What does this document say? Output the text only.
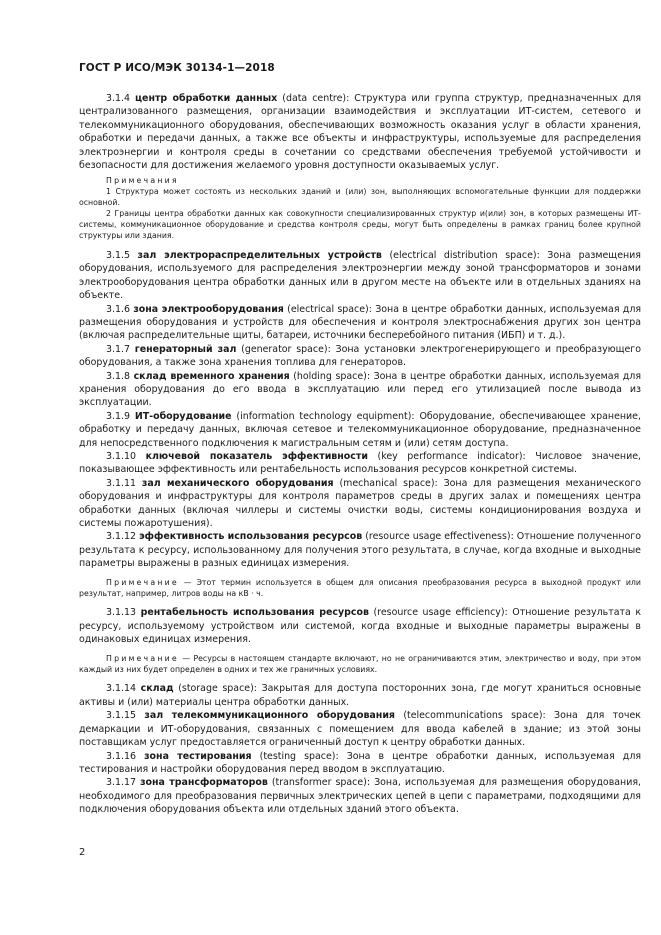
ГОСТ Р ИСО/МЭК 30134-1—2018

3.1.4 центр обработки данных (data centre): Структура или группа структур, предназначенных для централизованного размещения, организации взаимодействия и эксплуатации ИТ-систем, сетевого и телекоммуникационного оборудования, обеспечивающих возможность оказания услуг в области хранения, обработки и передачи данных, а также все объекты и инфраструктуры, используемые для распределения электроэнергии и контроля среды в сочетании со средствами обеспечения требуемой устойчивости и безопасности для достижения желаемого уровня доступности оказываемых услуг.

Примечания

1 Структура может состоять из нескольких зданий и (или) зон, выполняющих вспомогательные функции для поддержки основной.

2 Границы центра обработки данных как совокупности специализированных структур и(или) зон, в которых размещены ИТ-системы, коммуникационное оборудование и средства контроля среды, могут быть определены в рамках границ более крупной структуры или здания.

3.1.5 зал электрораспределительных устройств (electrical distribution space): Зона размещения оборудования, используемого для распределения электроэнергии между зоной трансформаторов и зонами электрооборудования центра обработки данных или в другом месте на объекте или в отдельных зданиях на объекте.

3.1.6 зона электрооборудования (electrical space): Зона в центре обработки данных, используемая для размещения оборудования и устройств для обеспечения и контроля электроснабжения других зон центра (включая распределительные щиты, батареи, источники бесперебойного питания (ИБП) и т. д.).

3.1.7 генераторный зал (generator space): Зона установки электрогенерирующего и преобразующего оборудования, а также зона хранения топлива для генераторов.

3.1.8 склад временного хранения (holding space): Зона в центре обработки данных, используемая для хранения оборудования до его ввода в эксплуатацию или перед его утилизацией после вывода из эксплуатации.

3.1.9 ИТ-оборудование (information technology equipment): Оборудование, обеспечивающее хранение, обработку и передачу данных, включая сетевое и телекоммуникационное оборудование, предназначенное для непосредственного подключения к магистральным сетям и (или) сетям доступа.

3.1.10 ключевой показатель эффективности (key performance indicator): Числовое значение, показывающее эффективность или рентабельность использования ресурсов конкретной системы.

3.1.11 зал механического оборудования (mechanical space): Зона для размещения механического оборудования и инфраструктуры для контроля параметров среды в других залах и помещениях центра обработки данных (включая чиллеры и системы очистки воды, системы кондиционирования воздуха и системы пожаротушения).

3.1.12 эффективность использования ресурсов (resource usage effectiveness): Отношение полученного результата к ресурсу, использованному для получения этого результата, в случае, когда входные и выходные параметры выражены в разных единицах измерения.

Примечание — Этот термин используется в общем для описания преобразования ресурса в выходной продукт или результат, например, литров воды на кВ · ч.

3.1.13 рентабельность использования ресурсов (resource usage efficiency): Отношение результата к ресурсу, используемому устройством или системой, когда входные и выходные параметры выражены в одинаковых единицах измерения.

Примечание — Ресурсы в настоящем стандарте включают, но не ограничиваются этим, электричество и воду, при этом каждый из них будет определен в одних и тех же граничных условиях.

3.1.14 склад (storage space): Закрытая для доступа посторонних зона, где могут храниться основные активы и (или) материалы центра обработки данных.

3.1.15 зал телекоммуникационного оборудования (telecommunications space): Зона для точек демаркации и ИТ-оборудования, связанных с помещением для ввода кабелей в здание; из этой зоны поставщикам услуг предоставляется ограниченный доступ к центру обработки данных.

3.1.16 зона тестирования (testing space): Зона в центре обработки данных, используемая для тестирования и настройки оборудования перед вводом в эксплуатацию.

3.1.17 зона трансформаторов (transformer space): Зона, используемая для размещения оборудования, необходимого для преобразования первичных электрических цепей в цепи с параметрами, подходящими для подключения оборудования объекта или отдельных зданий этого объекта.

2
